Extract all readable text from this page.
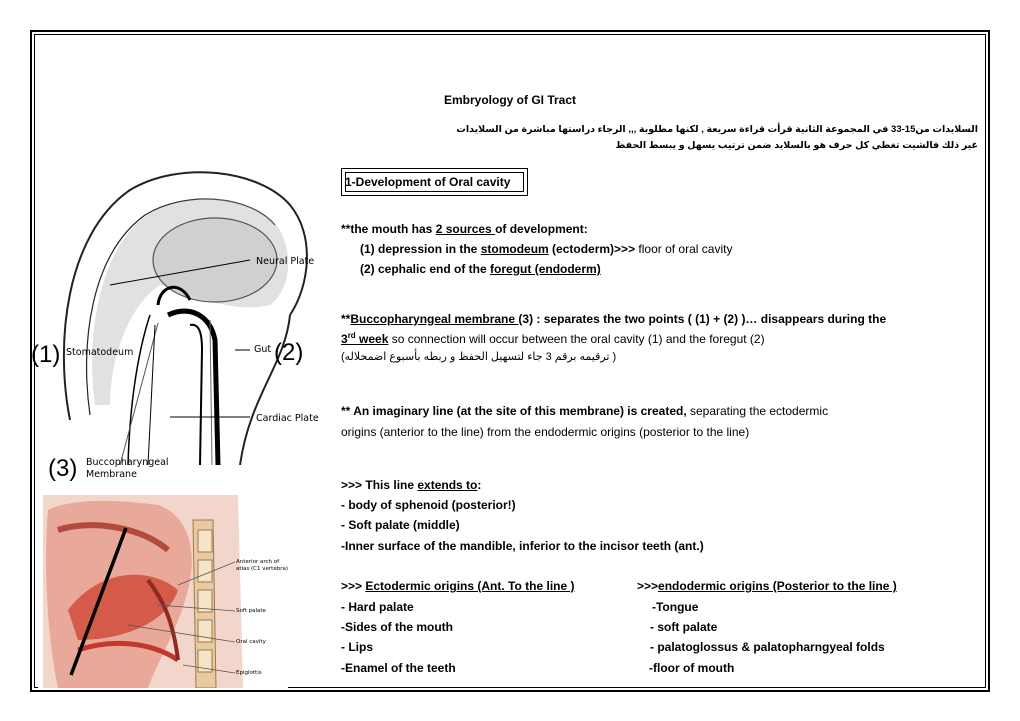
Embryology of GI Tract
السلايدات من15-33 في المجموعة الثانية قرأت قراءة سريعة , لكنها مطلوبة ,,, الرجاء دراستها مباشرة من السلايدات
غير ذلك فالشيت تغطي كل حرف هو بالسلايد ضمن ترتيب يسهل و يبسط الحفظ
Neural Plate
Stomatodeum	Gut
Cardiac Plate
Buccopharyngeal
Membrane
(1)	(2)
(3)
Anterior arch of
atlas (C1 vertebra)
Soft palate
Oral cavity
Epiglottis
1-Development of Oral cavity
**the mouth has 2 sources of development:
(1) depression in the stomodeum (ectoderm)>>> floor of oral cavity
(2) cephalic end of the foregut (endoderm)
**Buccopharyngeal membrane (3) : separates the two points ( (1) + (2) )… disappears during the
3rd week so connection will occur between the oral cavity (1) and the foregut (2)
( ترقيمه برقم 3 جاء لتسهيل الحفظ و ربطه بأسبوع اضمحلاله)
** An imaginary line (at the site of this membrane) is created, separating the ectodermic
origins (anterior to the line) from the endodermic origins (posterior to the line)
>>> This line extends to:
- body of sphenoid (posterior!)
- Soft palate (middle)
-Inner surface of the mandible, inferior to the incisor teeth (ant.)
>>> Ectodermic origins (Ant. To the line )
- Hard palate
-Sides of the mouth
- Lips
-Enamel of the teeth
>>>endodermic origins (Posterior to the line )
-Tongue
- soft palate
- palatoglossus & palatopharngyeal folds
-floor of mouth
